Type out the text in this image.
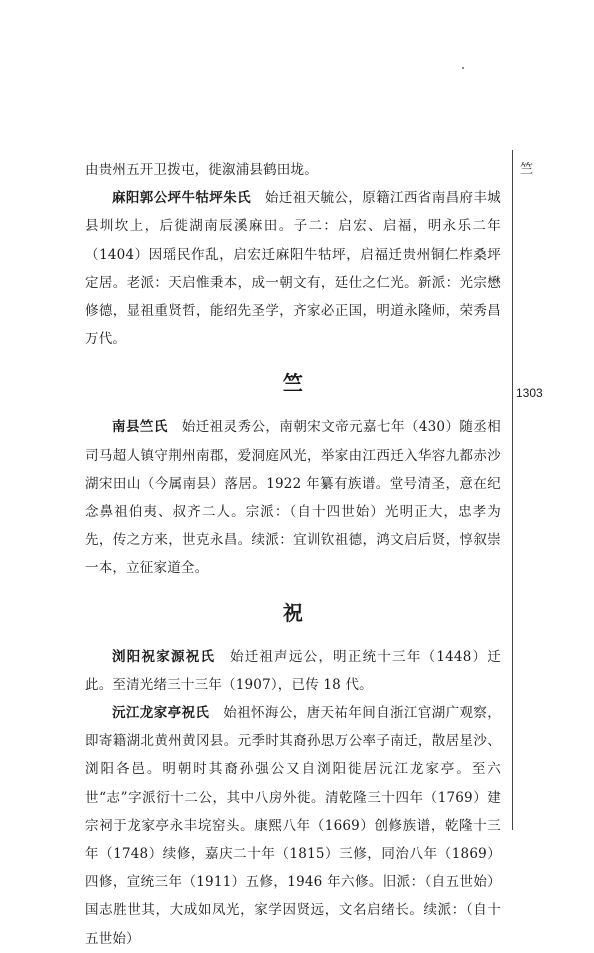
由贵州五开卫拨屯，徙溆浦县鹤田垅。

麻阳郭公坪牛牯坪朱氏　 始迁祖天毓公，原籍江西省南昌府丰城县圳坎上，后徙湖南辰溪麻田。子二：启宏、启福，明永乐二年（1404）因瑶民作乱，启宏迁麻阳牛牯坪，启福迁贵州铜仁柞桑坪定居。老派：天启惟秉本，成一朝文有，廷仕之仁光。新派：光宗懋修德，显祖重贤哲，能绍先圣学，齐家必正国，明道永隆师，荣秀昌万代。

竺

南县竺氏　 始迁祖灵秀公，南朝宋文帝元嘉七年（430）随丞相司马超人镇守荆州南郡，爱洞庭风光，举家由江西迁入华容九都赤沙湖宋田山（今属南县）落居。1922 年纂有族谱。堂号清圣，意在纪念鼻祖伯夷、叔齐二人。宗派：（自十四世始）光明正大，忠孝为先，传之方来，世克永昌。续派：宜训钦祖德，鸿文启后贤，惇叙崇一本，立征家道全。

祝

浏阳祝家源祝氏　 始迁祖声远公，明正统十三年（1448）迁此。至清光绪三十三年（1907），已传 18 代。

沅江龙家亭祝氏　 始祖怀海公，唐天祐年间自浙江官湖广观察，即寄籍湖北黄州黄冈县。元季时其裔孙思万公率子南迁，散居星沙、浏阳各邑。明朝时其裔孙强公又自浏阳徙居沅江龙家亭。至六世“志”字派衍十二公，其中八房外徙。清乾隆三十四年（1769）建宗祠于龙家亭永丰垸窑头。康熙八年（1669）创修族谱，乾隆十三年（1748）续修，嘉庆二十年（1815）三修，同治八年（1869）四修，宣统三年（1911）五修，1946 年六修。旧派：（自五世始）国志胜世其，大成如凤光，家学因贤远，文名启绪长。续派：（自十五世始）

竺
1303
